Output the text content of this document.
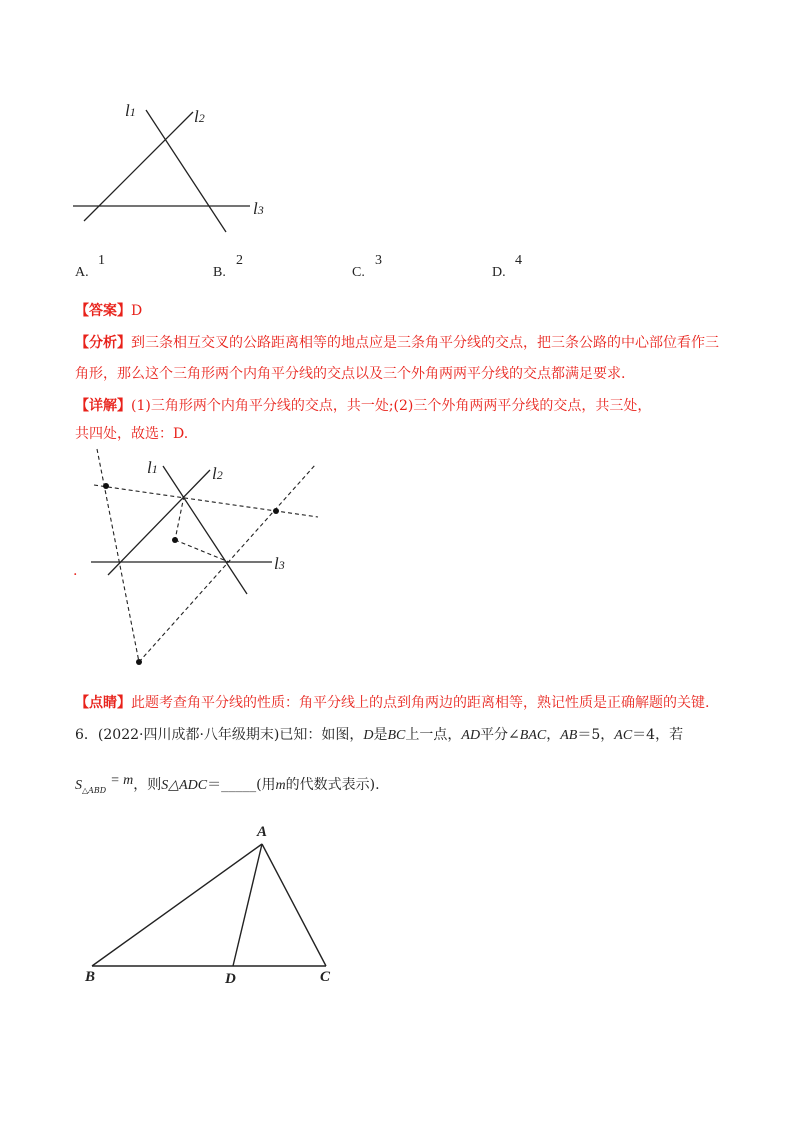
l1	l2
l3
A.
1
B.
2
C.
3
D.
4
【答案】D
【分析】到三条相互交叉的公路距离相等的地点应是三条角平分线的交点，把三条公路的中心部位看作三
角形，那么这个三角形两个内角平分线的交点以及三个外角两两平分线的交点都满足要求.
【详解】(1)三角形两个内角平分线的交点，共一处;(2)三个外角两两平分线的交点，共三处，
共四处，故选：D.
l1	l2
l3
.
【点睛】此题考查角平分线的性质：角平分线上的点到角两边的距离相等，熟记性质是正确解题的关键.
6．(2022·四川成都·八年级期末)已知：如图，D是BC上一点，AD平分∠BAC，AB＝5，AC＝4，若
$S_{\triangle ABD}= m$，则S△ADC＝_____(用m的代数式表示).
A
B	C
D
